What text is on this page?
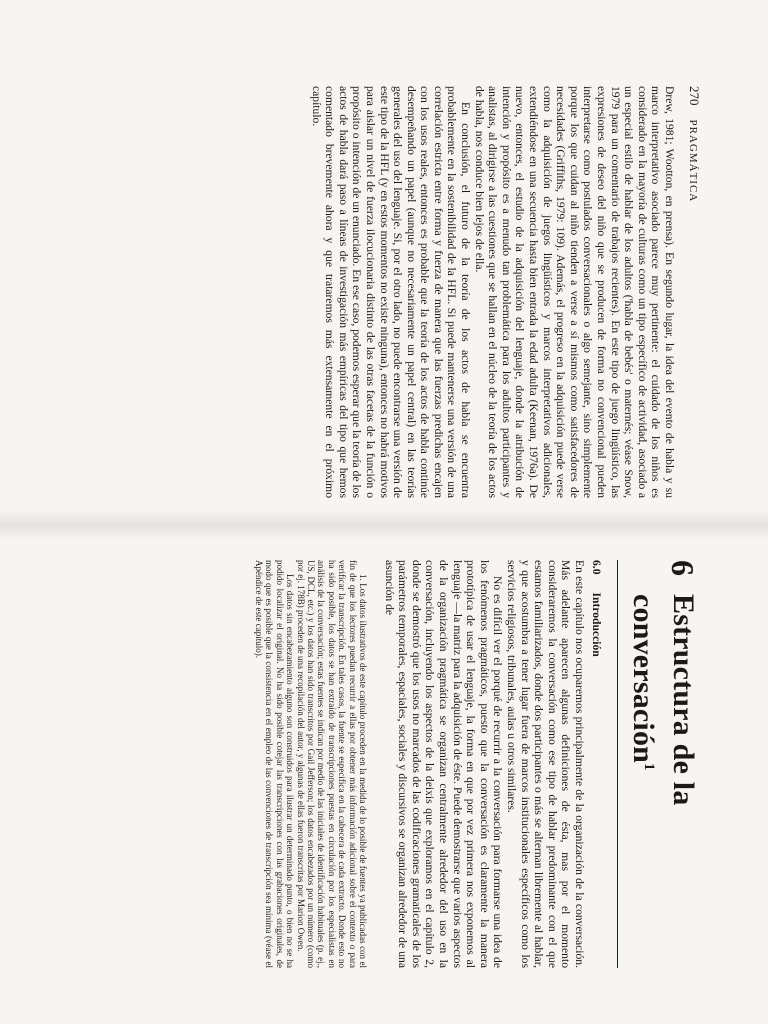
270PRAGMÁTICA

Drew, 1981; Wootton, en prensa). En segundo lugar, la idea del evento de habla y su marco interpretativo asociado parece muy pertinente: el cuidado de los niños es considerado en la mayoría de culturas como un tipo específico de actividad, asociado a un especial estilo de hablar de los adultos ('habla de bebés' o maternés; véase Snow, 1979 para un comentario de trabajos recientes). En este tipo de juego lingüístico, las expresiones de deseo del niño que se producen de forma no convencional pueden interpretarse como postulados conversacionales o algo semejante, sino simplemente porque los que cuidan al niño tienden a verse a sí mismos como satisfacedores de necesidades (Griffiths, 1979: 109). Además, el progreso en la adquisición puede verse como la adquisición de juegos lingüísticos y marcos interpretativos adicionales, extendiéndose en una secuencia hasta bien entrada la edad adulta (Keenan, 1976a). De nuevo, entonces, el estudio de la adquisición del lenguaje, donde la atribución de intención y propósito es a menudo tan problemática para los adultos participantes y analistas, al dirigirse a las cuestiones que se hallan en el núcleo de la teoría de los actos de habla, nos conduce bien lejos de ella.

En conclusión, el futuro de la teoría de los actos de habla se encuentra probablemente en la sostenibilidad de la HFL. Si puede mantenerse una versión de una correlación estricta entre forma y fuerza de manera que las fuerzas predichas encajen con los usos reales, entonces es probable que la teoría de los actos de habla continúe desempeñando un papel (aunque no necesariamente un papel central) en las teorías generales del uso del lenguaje. Si, por el otro lado, no puede encontrarse una versión de este tipo de la HFL (y en estos momentos no existe ninguna), entonces no habrá motivos para aislar un nivel de fuerza ilocucionaria distinto de las otras facetas de la función o propósito o intención de un enunciado. En ese caso, podemos esperar que la teoría de los actos de habla dará paso a líneas de investigación más empíricas del tipo que hemos comentado brevemente ahora y que trataremos más extensamente en el próximo capítulo.

6
Estructura de la conversación$^1$
6.0Introducción

En este capítulo nos ocuparemos principalmente de la organización de la conversación. Más adelante aparecen algunas definiciones de ésta, mas por el momento consideraremos la conversación como ese tipo de hablar predominante con el que estamos familiarizados, donde dos participantes o más se alternan libremente al hablar, y que acostumbra a tener lugar fuera de marcos institucionales específicos como los servicios religiosos, tribunales, aulas u otros similares.

No es difícil ver el porqué de recurrir a la conversación para formarse una idea de los fenómenos pragmáticos, puesto que la conversación es claramente la manera prototípica de usar el lenguaje, la forma en que por vez primera nos exponemos al lenguaje —la matriz para la adquisición de éste. Puede demostrarse que varios aspectos de la organización pragmática se organizan centralmente alrededor del uso en la conversación, incluyendo los aspectos de la deixis que exploramos en el capítulo 2, donde se demostró que los usos no marcados de las codificaciones gramaticales de los parámetros temporales, espaciales, sociales y discursivos se organizan alrededor de una asunción de

1. Los datos ilustrativos de este capítulo proceden en la medida de lo posible de fuentes ya publicadas con el fin de que los lectores puedan recurrir a ellas por obtener más información adicional sobre el contexto o para verificar la transcripción. En tales casos, la fuente se especifica en la cabecera de cada extracto. Donde esto no ha sido posible, los datos se han extraído de transcripciones puestas en circulación por los especialistas en análisis de la conversación; estas fuentes se indican por medio de las iniciales de identificación habituales (p. ej., US, DCL, etc.) y los datos han sido transcritos por Gail Jefferson; los datos encabezados por un número (como por ej. 178B) proceden de una recopilación del autor, y algunas de ellas fueron transcritas por Marion Owen.

Los datos sin encabezamiento alguno son construidos para ilustrar un determinado punto, o bien no se ha podido localizar el original. No ha sido posible cotejar las transcripciones con las grabaciones originales, de modo que es posible que la consistencia en el empleo de las convenciones de transcripción sea mínima (véase el Apéndice de este capítulo).
